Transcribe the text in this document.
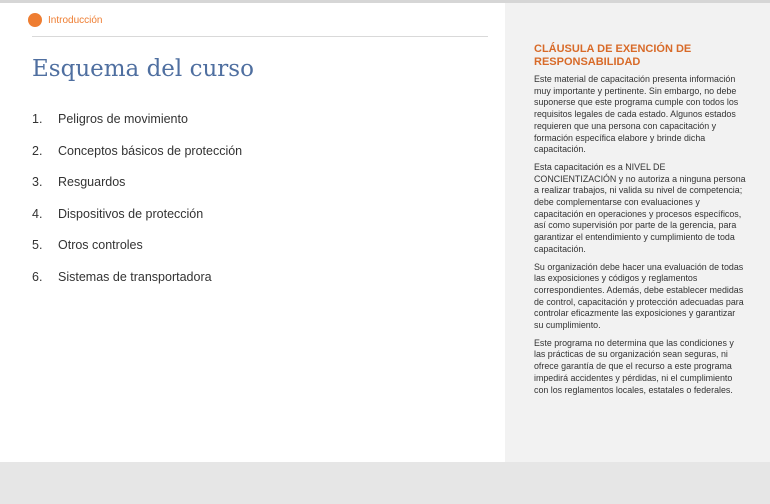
Introducción
Esquema del curso
1.	Peligros de movimiento
2.	Conceptos básicos de protección
3.	Resguardos
4.	Dispositivos de protección
5.	Otros controles
6.	Sistemas de transportadora
CLÁUSULA DE EXENCIÓN DE RESPONSABILIDAD

Este material de capacitación presenta información muy importante y pertinente. Sin embargo, no debe suponerse que este programa cumple con todos los requisitos legales de cada estado. Algunos estados requieren que una persona con capacitación y formación específica elabore y brinde dicha capacitación.

Esta capacitación es a NIVEL DE CONCIENTIZACIÓN y no autoriza a ninguna persona a realizar trabajos, ni valida su nivel de competencia; debe complementarse con evaluaciones y capacitación en operaciones y procesos específicos, así como supervisión por parte de la gerencia, para garantizar el entendimiento y cumplimiento de toda capacitación.

Su organización debe hacer una evaluación de todas las exposiciones y códigos y reglamentos correspondientes. Además, debe establecer medidas de control, capacitación y protección adecuadas para controlar eficazmente las exposiciones y garantizar su cumplimiento.

Este programa no determina que las condiciones y las prácticas de su organización sean seguras, ni ofrece garantía de que el recurso a este programa impedirá accidentes y pérdidas, ni el cumplimiento con los reglamentos locales, estatales o federales.
